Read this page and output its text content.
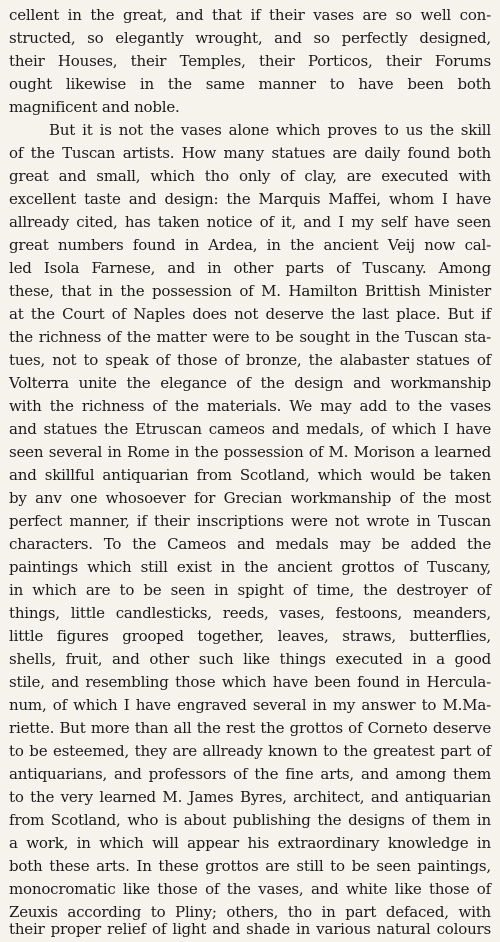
cellent in the great, and that if their vases are so well con-
structed, so elegantly wrought, and so perfectly designed,
their Houses, their Temples, their Porticos, their Forums
ought likewise in the same manner to have been both
magnificent and noble.
But it is not the vases alone which proves to us the skill
of the Tuscan artists. How many statues are daily found both
great and small, which tho only of clay, are executed with
excellent taste and design: the Marquis Maffei, whom I have
allready cited, has taken notice of it, and I my self have seen
great numbers found in Ardea, in the ancient Veij now cal-
led Isola Farnese, and in other parts of Tuscany. Among
these, that in the possession of M. Hamilton Brittish Minister
at the Court of Naples does not deserve the last place. But if
the richness of the matter were to be sought in the Tuscan sta-
tues, not to speak of those of bronze, the alabaster statues of
Volterra unite the elegance of the design and workmanship
with the richness of the materials. We may add to the vases
and statues the Etruscan cameos and medals, of which I have
seen several in Rome in the possession of M. Morison a learned
and skillful antiquarian from Scotland, which would be taken
by anv one whosoever for Grecian workmanship of the most
perfect manner, if their inscriptions were not wrote in Tuscan
characters. To the Cameos and medals may be added the
paintings which still exist in the ancient grottos of Tuscany,
in which are to be seen in spight of time, the destroyer of
things, little candlesticks, reeds, vases, festoons, meanders,
little figures grooped together, leaves, straws, butterflies,
shells, fruit, and other such like things executed in a good
stile, and resembling those which have been found in Hercula-
num, of which I have engraved several in my answer to M.Ma-
riette. But more than all the rest the grottos of Corneto deserve
to be esteemed, they are allready known to the greatest part of
antiquarians, and professors of the fine arts, and among them
to the very learned M. James Byres, architect, and antiquarian
from Scotland, who is about publishing the designs of them in
a work, in which will appear his extraordinary knowledge in
both these arts. In these grottos are still to be seen paintings,
monocromatic like those of the vases, and white like those of
Zeuxis according to Pliny; others, tho in part defaced, with
their proper relief of light and shade in various natural colours
